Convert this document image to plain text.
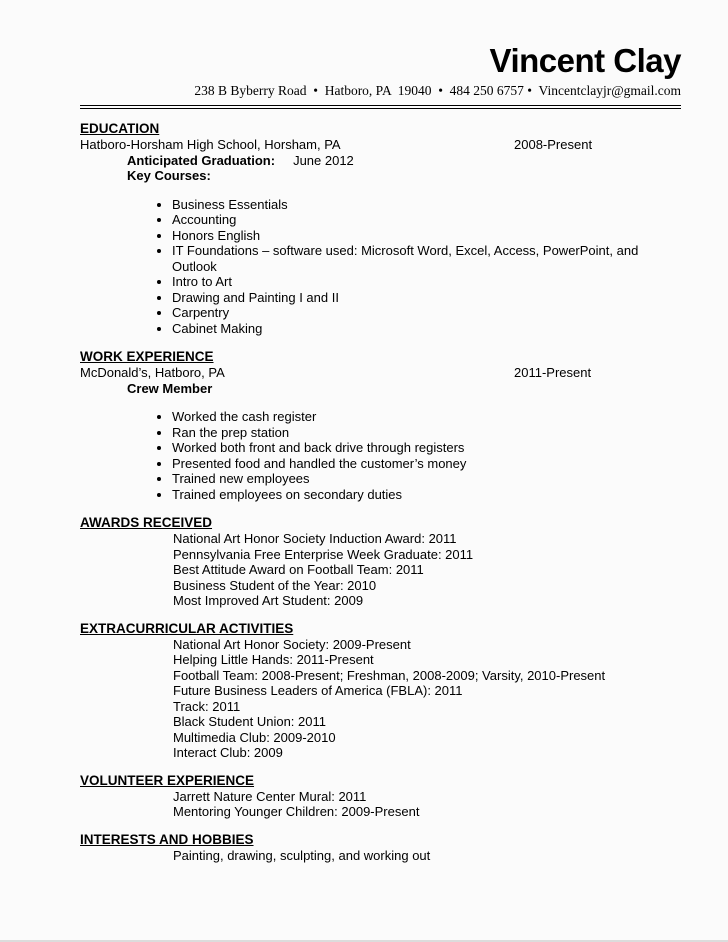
Vincent Clay
238 B Byberry Road  •  Hatboro, PA  19040  •  484 250 6757 •  Vincentclayjr@gmail.com
EDUCATION
Hatboro-Horsham High School, Horsham, PA	2008-Present
Anticipated Graduation: June 2012
Key Courses:
• Business Essentials
• Accounting
• Honors English
• IT Foundations – software used: Microsoft Word, Excel, Access, PowerPoint, and Outlook
• Intro to Art
• Drawing and Painting I and II
• Carpentry
• Cabinet Making
WORK EXPERIENCE
McDonald’s, Hatboro, PA	2011-Present
Crew Member
• Worked the cash register
• Ran the prep station
• Worked both front and back drive through registers
• Presented food and handled the customer’s money
• Trained new employees
• Trained employees on secondary duties
AWARDS RECEIVED
National Art Honor Society Induction Award: 2011
Pennsylvania Free Enterprise Week Graduate: 2011
Best Attitude Award on Football Team: 2011
Business Student of the Year: 2010
Most Improved Art Student: 2009
EXTRACURRICULAR ACTIVITIES
National Art Honor Society: 2009-Present
Helping Little Hands: 2011-Present
Football Team: 2008-Present; Freshman, 2008-2009; Varsity, 2010-Present
Future Business Leaders of America (FBLA): 2011
Track: 2011
Black Student Union: 2011
Multimedia Club: 2009-2010
Interact Club: 2009
VOLUNTEER EXPERIENCE
Jarrett Nature Center Mural: 2011
Mentoring Younger Children: 2009-Present
INTERESTS AND HOBBIES
Painting, drawing, sculpting, and working out
